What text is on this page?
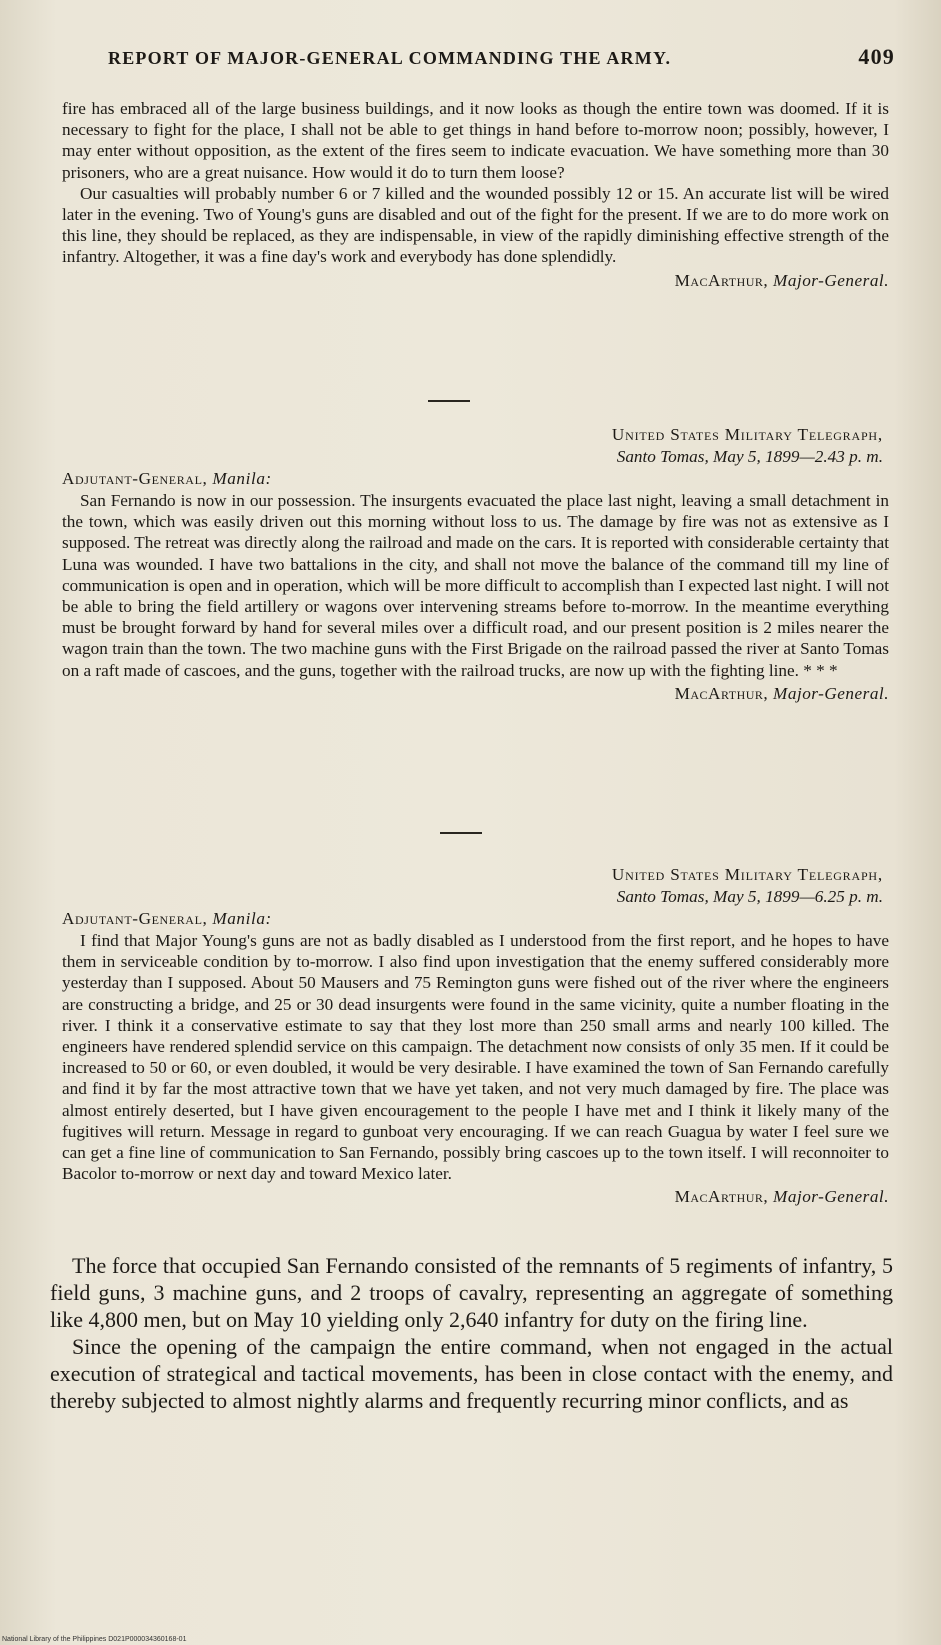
REPORT OF MAJOR-GENERAL COMMANDING THE ARMY.	409

fire has embraced all of the large business buildings, and it now looks as though the entire town was doomed. If it is necessary to fight for the place, I shall not be able to get things in hand before to-morrow noon; possibly, however, I may enter without opposition, as the extent of the fires seem to indicate evacuation. We have something more than 30 prisoners, who are a great nuisance. How would it do to turn them loose?

Our casualties will probably number 6 or 7 killed and the wounded possibly 12 or 15. An accurate list will be wired later in the evening. Two of Young's guns are disabled and out of the fight for the present. If we are to do more work on this line, they should be replaced, as they are indispensable, in view of the rapidly diminishing effective strength of the infantry. Altogether, it was a fine day's work and everybody has done splendidly.

MacArthur, Major-General.
United States Military Telegraph,
Santo Tomas, May 5, 1899—2.43 p. m.
Adjutant-General, Manila:

San Fernando is now in our possession. The insurgents evacuated the place last night, leaving a small detachment in the town, which was easily driven out this morning without loss to us. The damage by fire was not as extensive as I supposed. The retreat was directly along the railroad and made on the cars. It is reported with considerable certainty that Luna was wounded. I have two battalions in the city, and shall not move the balance of the command till my line of communication is open and in operation, which will be more difficult to accomplish than I expected last night. I will not be able to bring the field artillery or wagons over intervening streams before to-morrow. In the meantime everything must be brought forward by hand for several miles over a difficult road, and our present position is 2 miles nearer the wagon train than the town. The two machine guns with the First Brigade on the railroad passed the river at Santo Tomas on a raft made of cascoes, and the guns, together with the railroad trucks, are now up with the fighting line. * * *

MacArthur, Major-General.
United States Military Telegraph,
Santo Tomas, May 5, 1899—6.25 p. m.
Adjutant-General, Manila:

I find that Major Young's guns are not as badly disabled as I understood from the first report, and he hopes to have them in serviceable condition by to-morrow. I also find upon investigation that the enemy suffered considerably more yesterday than I supposed. About 50 Mausers and 75 Remington guns were fished out of the river where the engineers are constructing a bridge, and 25 or 30 dead insurgents were found in the same vicinity, quite a number floating in the river. I think it a conservative estimate to say that they lost more than 250 small arms and nearly 100 killed. The engineers have rendered splendid service on this campaign. The detachment now consists of only 35 men. If it could be increased to 50 or 60, or even doubled, it would be very desirable. I have examined the town of San Fernando carefully and find it by far the most attractive town that we have yet taken, and not very much damaged by fire. The place was almost entirely deserted, but I have given encouragement to the people I have met and I think it likely many of the fugitives will return. Message in regard to gunboat very encouraging. If we can reach Guagua by water I feel sure we can get a fine line of communication to San Fernando, possibly bring cascoes up to the town itself. I will reconnoiter to Bacolor to-morrow or next day and toward Mexico later.

MacArthur, Major-General.

The force that occupied San Fernando consisted of the remnants of 5 regiments of infantry, 5 field guns, 3 machine guns, and 2 troops of cavalry, representing an aggregate of something like 4,800 men, but on May 10 yielding only 2,640 infantry for duty on the firing line.

Since the opening of the campaign the entire command, when not engaged in the actual execution of strategical and tactical movements, has been in close contact with the enemy, and thereby subjected to almost nightly alarms and frequently recurring minor conflicts, and as

National Library of the Philippines D021P000034360168-01
